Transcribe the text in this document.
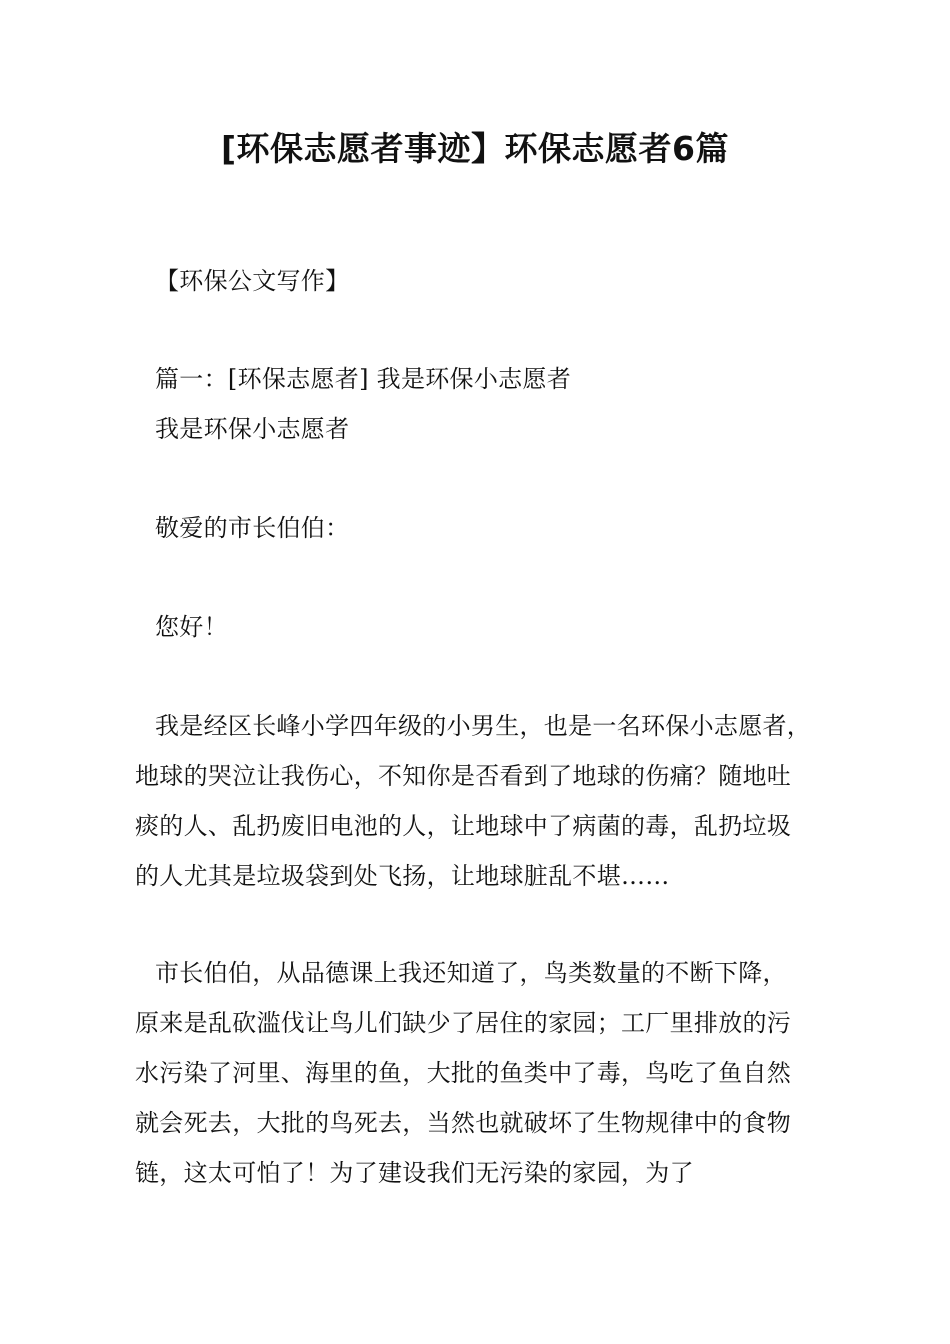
[环保志愿者事迹】环保志愿者6篇
【环保公文写作】
篇一：[环保志愿者] 我是环保小志愿者
我是环保小志愿者
敬爱的市长伯伯：
您好！
我是经区长峰小学四年级的小男生，也是一名环保小志愿者，
地球的哭泣让我伤心，不知你是否看到了地球的伤痛？随地吐
痰的人、乱扔废旧电池的人，让地球中了病菌的毒，乱扔垃圾
的人尤其是垃圾袋到处飞扬，让地球脏乱不堪……
市长伯伯，从品德课上我还知道了，鸟类数量的不断下降，
原来是乱砍滥伐让鸟儿们缺少了居住的家园；工厂里排放的污
水污染了河里、海里的鱼，大批的鱼类中了毒，鸟吃了鱼自然
就会死去，大批的鸟死去，当然也就破坏了生物规律中的食物
链，这太可怕了！为了建设我们无污染的家园，为了
